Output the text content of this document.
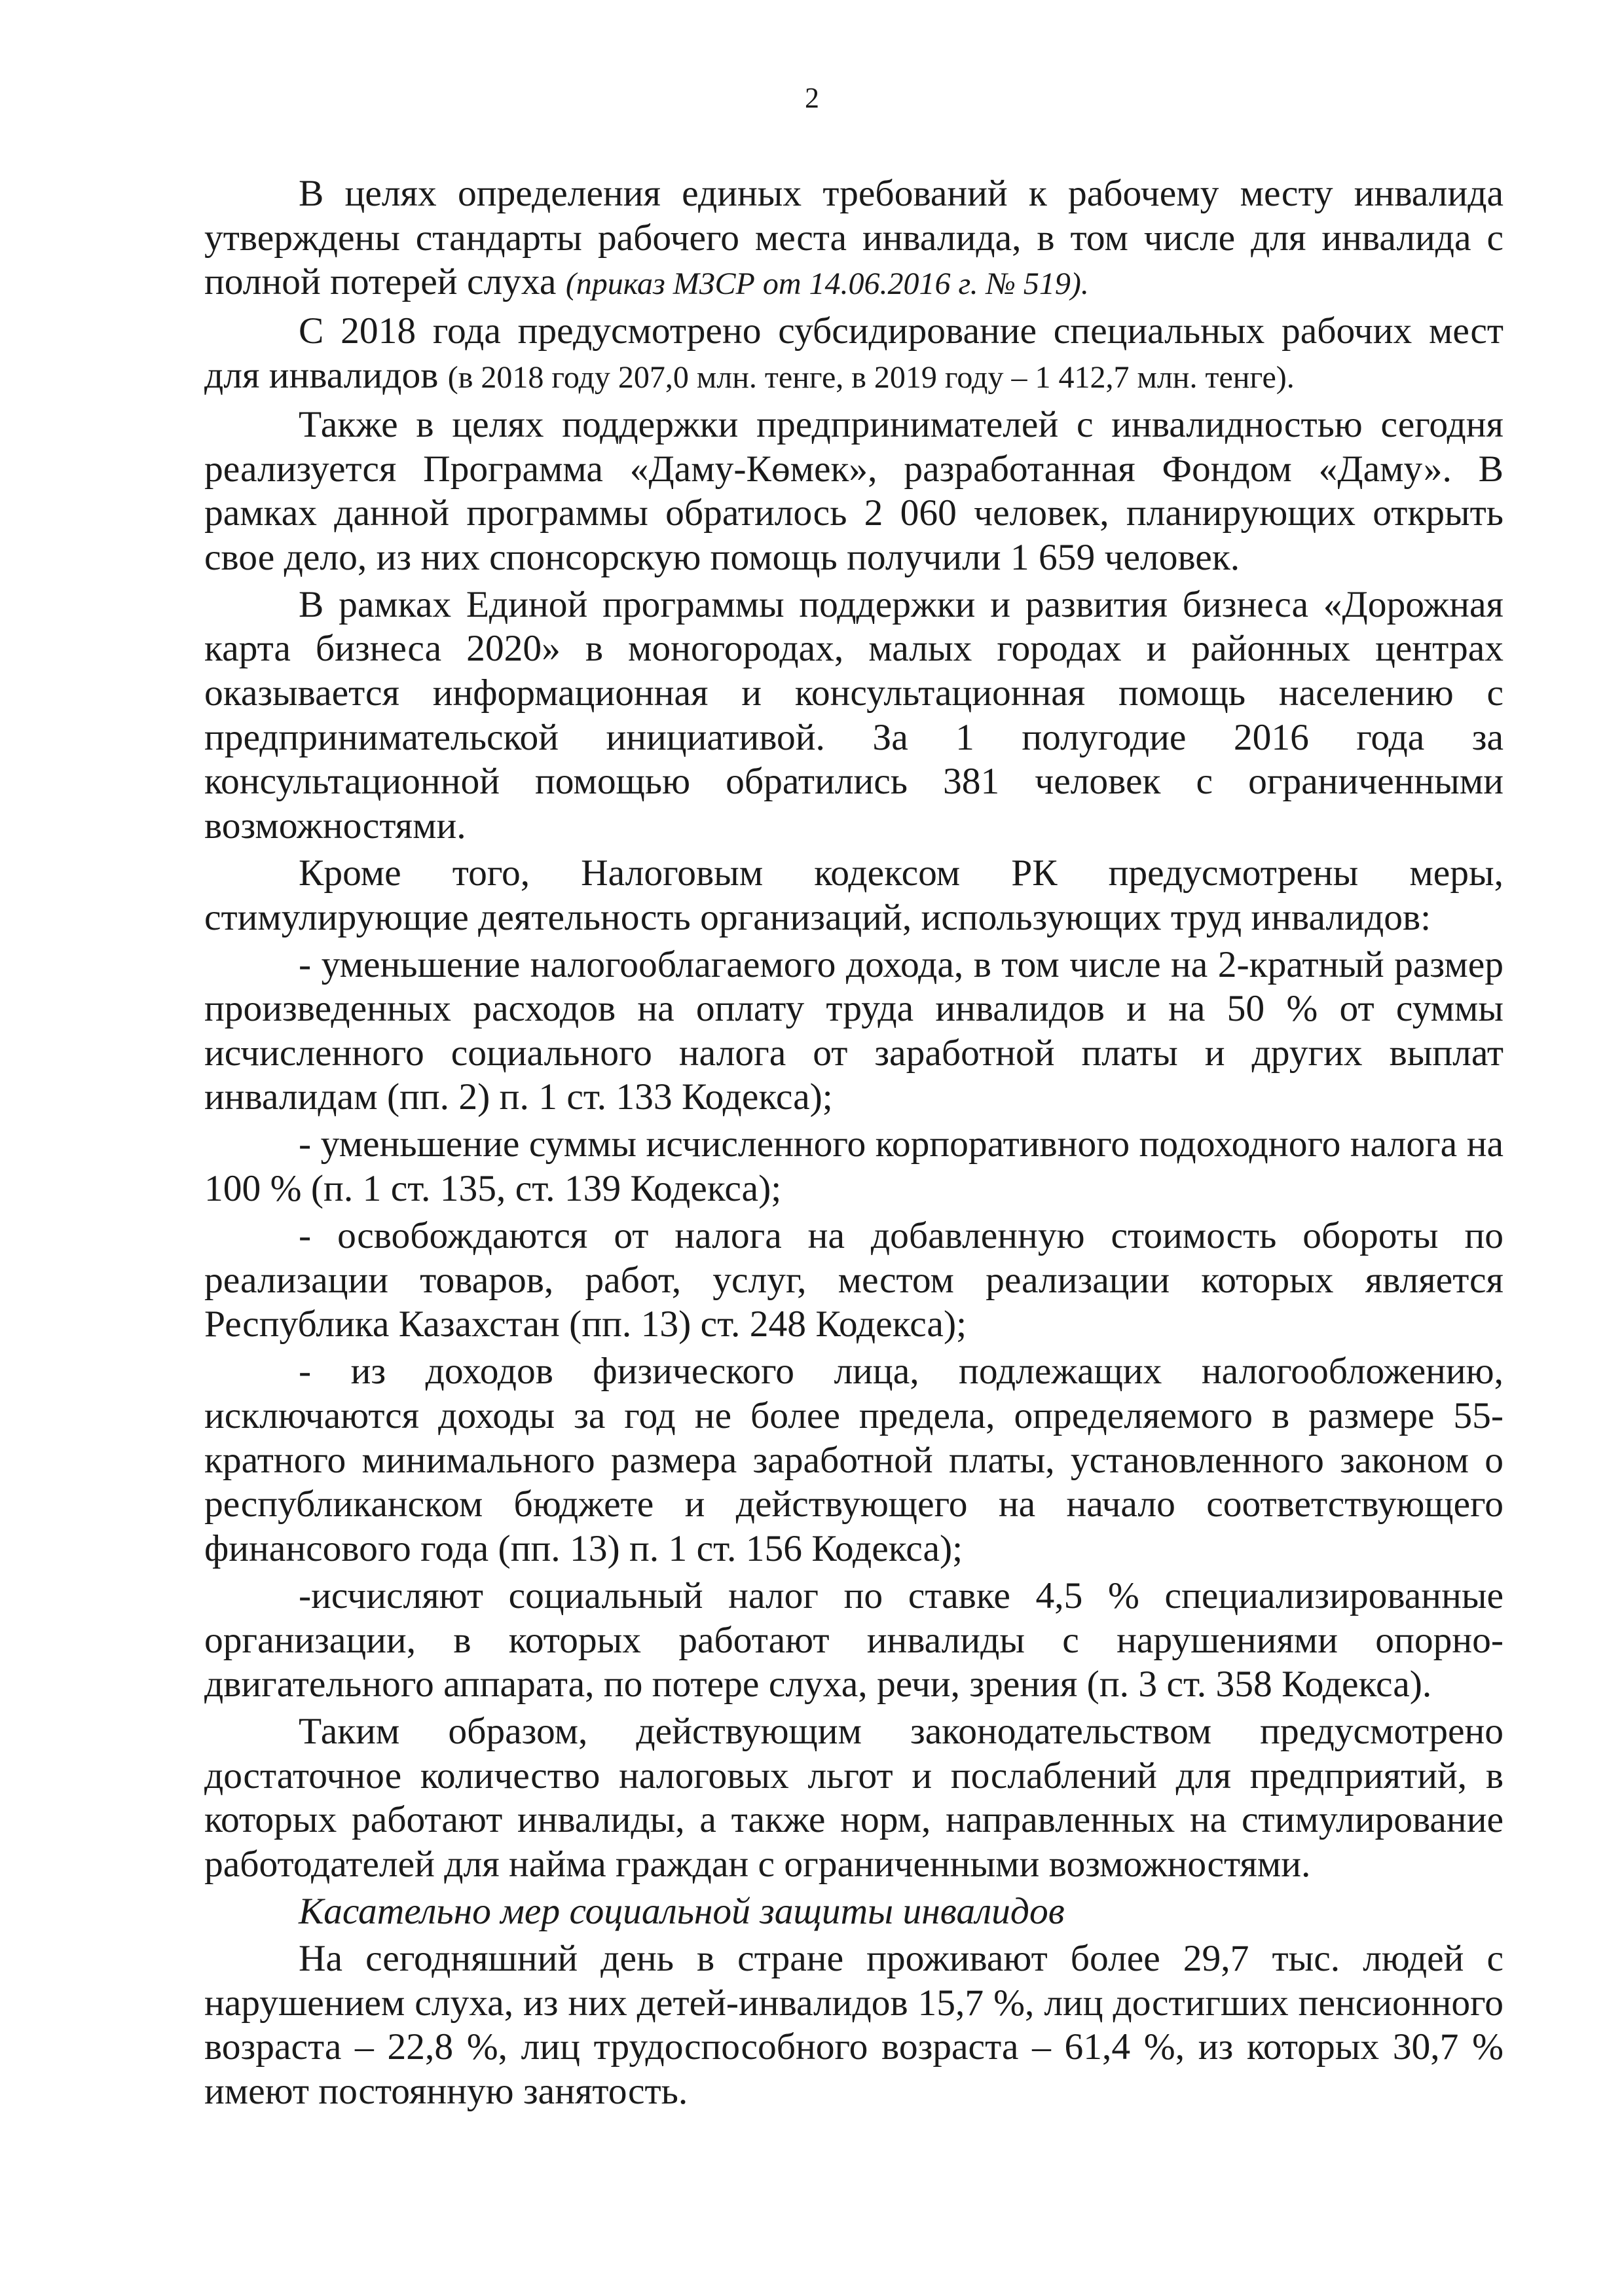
2

В целях определения единых требований к рабочему месту инвалида утверждены стандарты рабочего места инвалида, в том числе для инвалида с полной потерей слуха (приказ МЗСР от 14.06.2016 г. № 519).

С 2018 года предусмотрено субсидирование специальных рабочих мест для инвалидов (в 2018 году 207,0 млн. тенге, в 2019 году – 1 412,7 млн. тенге).

Также в целях поддержки предпринимателей с инвалидностью сегодня реализуется Программа «Даму-Көмек», разработанная Фондом «Даму». В рамках данной программы обратилось 2 060 человек, планирующих открыть свое дело, из них спонсорскую помощь получили 1 659 человек.

В рамках Единой программы поддержки и развития бизнеса «Дорожная карта бизнеса 2020» в моногородах, малых городах и районных центрах оказывается информационная и консультационная помощь населению с предпринимательской инициативой. За 1 полугодие 2016 года за консультационной помощью обратились 381 человек с ограниченными возможностями.

Кроме того, Налоговым кодексом РК предусмотрены меры, стимулирующие деятельность организаций, использующих труд инвалидов:

- уменьшение налогооблагаемого дохода, в том числе на 2-кратный размер произведенных расходов на оплату труда инвалидов и на 50 % от суммы исчисленного социального налога от заработной платы и других выплат инвалидам (пп. 2) п. 1 ст. 133 Кодекса);

- уменьшение суммы исчисленного корпоративного подоходного налога на 100 % (п. 1 ст. 135, ст. 139 Кодекса);

- освобождаются от налога на добавленную стоимость обороты по реализации товаров, работ, услуг, местом реализации которых является Республика Казахстан (пп. 13) ст. 248 Кодекса);

- из доходов физического лица, подлежащих налогообложению, исключаются доходы за год не более предела, определяемого в размере 55-кратного минимального размера заработной платы, установленного законом о республиканском бюджете и действующего на начало соответствующего финансового года (пп. 13) п. 1 ст. 156 Кодекса);

-исчисляют социальный налог по ставке 4,5 % специализированные организации, в которых работают инвалиды с нарушениями опорно-двигательного аппарата, по потере слуха, речи, зрения (п. 3 ст. 358 Кодекса).

Таким образом, действующим законодательством предусмотрено достаточное количество налоговых льгот и послаблений для предприятий, в которых работают инвалиды, а также норм, направленных на стимулирование работодателей для найма граждан с ограниченными возможностями.

Касательно мер социальной защиты инвалидов

На сегодняшний день в стране проживают более 29,7 тыс. людей с нарушением слуха, из них детей-инвалидов 15,7 %, лиц достигших пенсионного возраста – 22,8 %, лиц трудоспособного возраста – 61,4 %, из которых 30,7 % имеют постоянную занятость.
